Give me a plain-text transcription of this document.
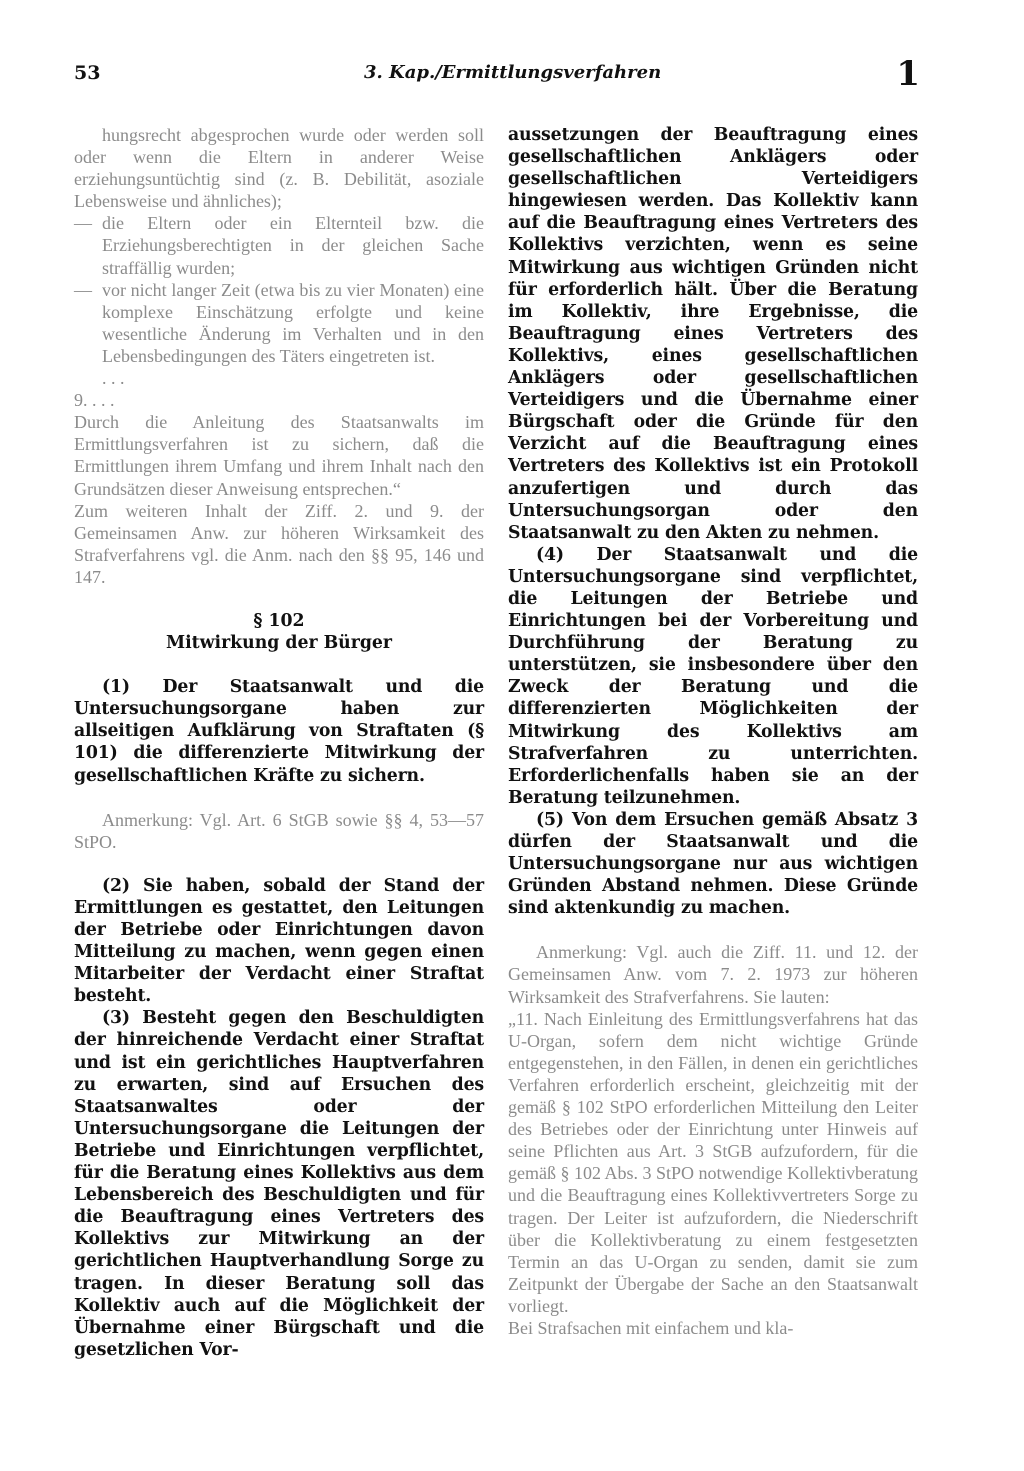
53	3. Kap./Ermittlungsverfahren	1

hungsrecht abgesprochen wurde oder werden soll oder wenn die Eltern in anderer Weise erziehungsuntüchtig sind (z. B. Debilität, asoziale Lebensweise und ähnliches);

— die Eltern oder ein Elternteil bzw. die Erziehungsberechtigten in der gleichen Sache straffällig wurden;

— vor nicht langer Zeit (etwa bis zu vier Monaten) eine komplexe Einschätzung erfolgte und keine wesentliche Änderung im Verhalten und in den Lebensbedingungen des Täters eingetreten ist.

. . .

9. . . .

Durch die Anleitung des Staatsanwalts im Ermittlungsverfahren ist zu sichern, daß die Ermittlungen ihrem Umfang und ihrem Inhalt nach den Grundsätzen dieser Anweisung entsprechen.“

Zum weiteren Inhalt der Ziff. 2. und 9. der Gemeinsamen Anw. zur höheren Wirksamkeit des Strafverfahrens vgl. die Anm. nach den §§ 95, 146 und 147.

§ 102

Mitwirkung der Bürger

(1) Der Staatsanwalt und die Untersuchungsorgane haben zur allseitigen Aufklärung von Straftaten (§ 101) die differenzierte Mitwirkung der gesellschaftlichen Kräfte zu sichern.

Anmerkung: Vgl. Art. 6 StGB sowie §§ 4, 53—57 StPO.

(2) Sie haben, sobald der Stand der Ermittlungen es gestattet, den Leitungen der Betriebe oder Einrichtungen davon Mitteilung zu machen, wenn gegen einen Mitarbeiter der Verdacht einer Straftat besteht.

(3) Besteht gegen den Beschuldigten der hinreichende Verdacht einer Straftat und ist ein gerichtliches Hauptverfahren zu erwarten, sind auf Ersuchen des Staatsanwaltes oder der Untersuchungsorgane die Leitungen der Betriebe und Einrichtungen verpflichtet, für die Beratung eines Kollektivs aus dem Lebensbereich des Beschuldigten und für die Beauftragung eines Vertreters des Kollektivs zur Mitwirkung an der gerichtlichen Hauptverhandlung Sorge zu tragen. In dieser Beratung soll das Kollektiv auch auf die Möglichkeit der Übernahme einer Bürgschaft und die gesetzlichen Vor-

aussetzungen der Beauftragung eines gesellschaftlichen Anklägers oder gesellschaftlichen Verteidigers hingewiesen werden. Das Kollektiv kann auf die Beauftragung eines Vertreters des Kollektivs verzichten, wenn es seine Mitwirkung aus wichtigen Gründen nicht für erforderlich hält. Über die Beratung im Kollektiv, ihre Ergebnisse, die Beauftragung eines Vertreters des Kollektivs, eines gesellschaftlichen Anklägers oder gesellschaftlichen Verteidigers und die Übernahme einer Bürgschaft oder die Gründe für den Verzicht auf die Beauftragung eines Vertreters des Kollektivs ist ein Protokoll anzufertigen und durch das Untersuchungsorgan oder den Staatsanwalt zu den Akten zu nehmen.

(4) Der Staatsanwalt und die Untersuchungsorgane sind verpflichtet, die Leitungen der Betriebe und Einrichtungen bei der Vorbereitung und Durchführung der Beratung zu unterstützen, sie insbesondere über den Zweck der Beratung und die differenzierten Möglichkeiten der Mitwirkung des Kollektivs am Strafverfahren zu unterrichten. Erforderlichenfalls haben sie an der Beratung teilzunehmen.

(5) Von dem Ersuchen gemäß Absatz 3 dürfen der Staatsanwalt und die Untersuchungsorgane nur aus wichtigen Gründen Abstand nehmen. Diese Gründe sind aktenkundig zu machen.

Anmerkung: Vgl. auch die Ziff. 11. und 12. der Gemeinsamen Anw. vom 7. 2. 1973 zur höheren Wirksamkeit des Strafverfahrens. Sie lauten:

„11. Nach Einleitung des Ermittlungsverfahrens hat das U-Organ, sofern dem nicht wichtige Gründe entgegenstehen, in den Fällen, in denen ein gerichtliches Verfahren erforderlich erscheint, gleichzeitig mit der gemäß § 102 StPO erforderlichen Mitteilung den Leiter des Betriebes oder der Einrichtung unter Hinweis auf seine Pflichten aus Art. 3 StGB aufzufordern, für die gemäß § 102 Abs. 3 StPO notwendige Kollektivberatung und die Beauftragung eines Kollektivvertreters Sorge zu tragen. Der Leiter ist aufzufordern, die Niederschrift über die Kollektivberatung zu einem festgesetzten Termin an das U-Organ zu senden, damit sie zum Zeitpunkt der Übergabe der Sache an den Staatsanwalt vorliegt.

Bei Strafsachen mit einfachem und kla-
